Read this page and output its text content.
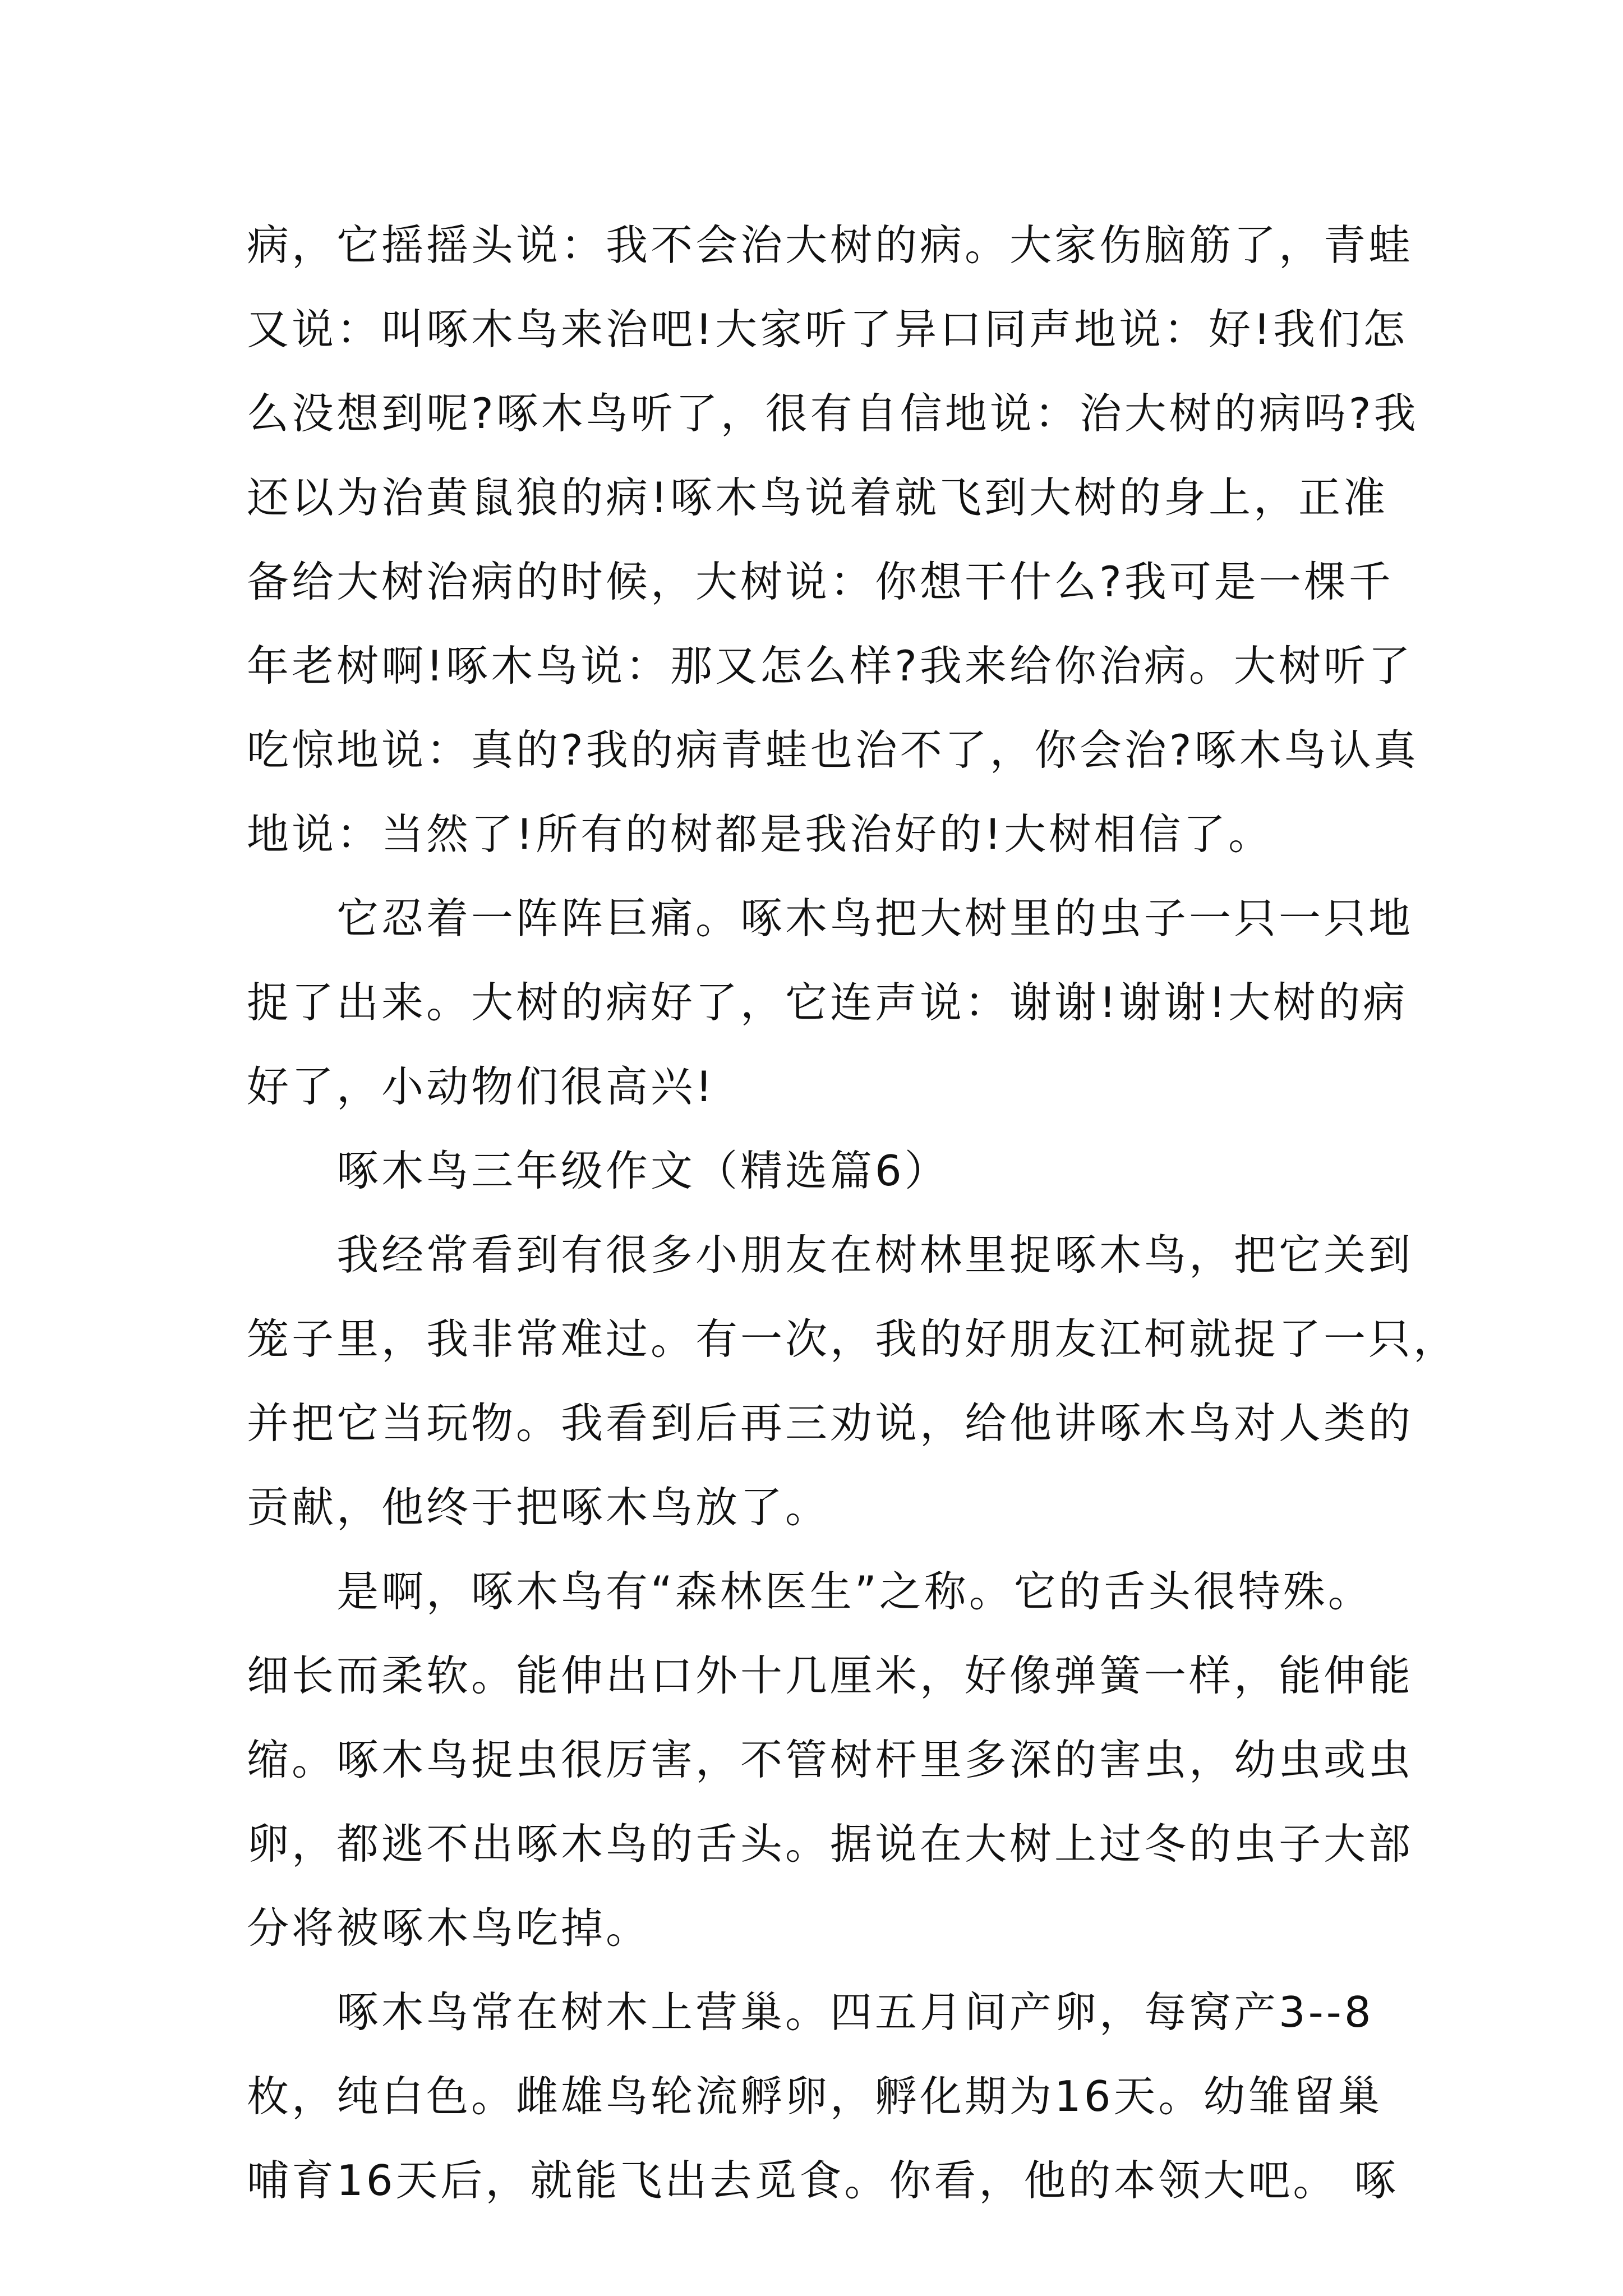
病，它摇摇头说：我不会治大树的病。大家伤脑筋了，青蛙
又说：叫啄木鸟来治吧!大家听了异口同声地说：好!我们怎
么没想到呢?啄木鸟听了，很有自信地说：治大树的病吗?我
还以为治黄鼠狼的病!啄木鸟说着就飞到大树的身上，正准
备给大树治病的时候，大树说：你想干什么?我可是一棵千
年老树啊!啄木鸟说：那又怎么样?我来给你治病。大树听了
吃惊地说：真的?我的病青蛙也治不了，你会治?啄木鸟认真
地说：当然了!所有的树都是我治好的!大树相信了。
它忍着一阵阵巨痛。啄木鸟把大树里的虫子一只一只地
捉了出来。大树的病好了，它连声说：谢谢!谢谢!大树的病
好了，小动物们很高兴!
啄木鸟三年级作文（精选篇6）
我经常看到有很多小朋友在树林里捉啄木鸟，把它关到
笼子里，我非常难过。有一次，我的好朋友江柯就捉了一只，
并把它当玩物。我看到后再三劝说，给他讲啄木鸟对人类的
贡献，他终于把啄木鸟放了。
是啊，啄木鸟有“森林医生”之称。它的舌头很特殊。
细长而柔软。能伸出口外十几厘米，好像弹簧一样，能伸能
缩。啄木鸟捉虫很厉害，不管树杆里多深的害虫，幼虫或虫
卵，都逃不出啄木鸟的舌头。据说在大树上过冬的虫子大部
分将被啄木鸟吃掉。
啄木鸟常在树木上营巢。四五月间产卵，每窝产3--8
枚，纯白色。雌雄鸟轮流孵卵，孵化期为16天。幼雏留巢
哺育16天后，就能飞出去觅食。你看，他的本领大吧。 啄
